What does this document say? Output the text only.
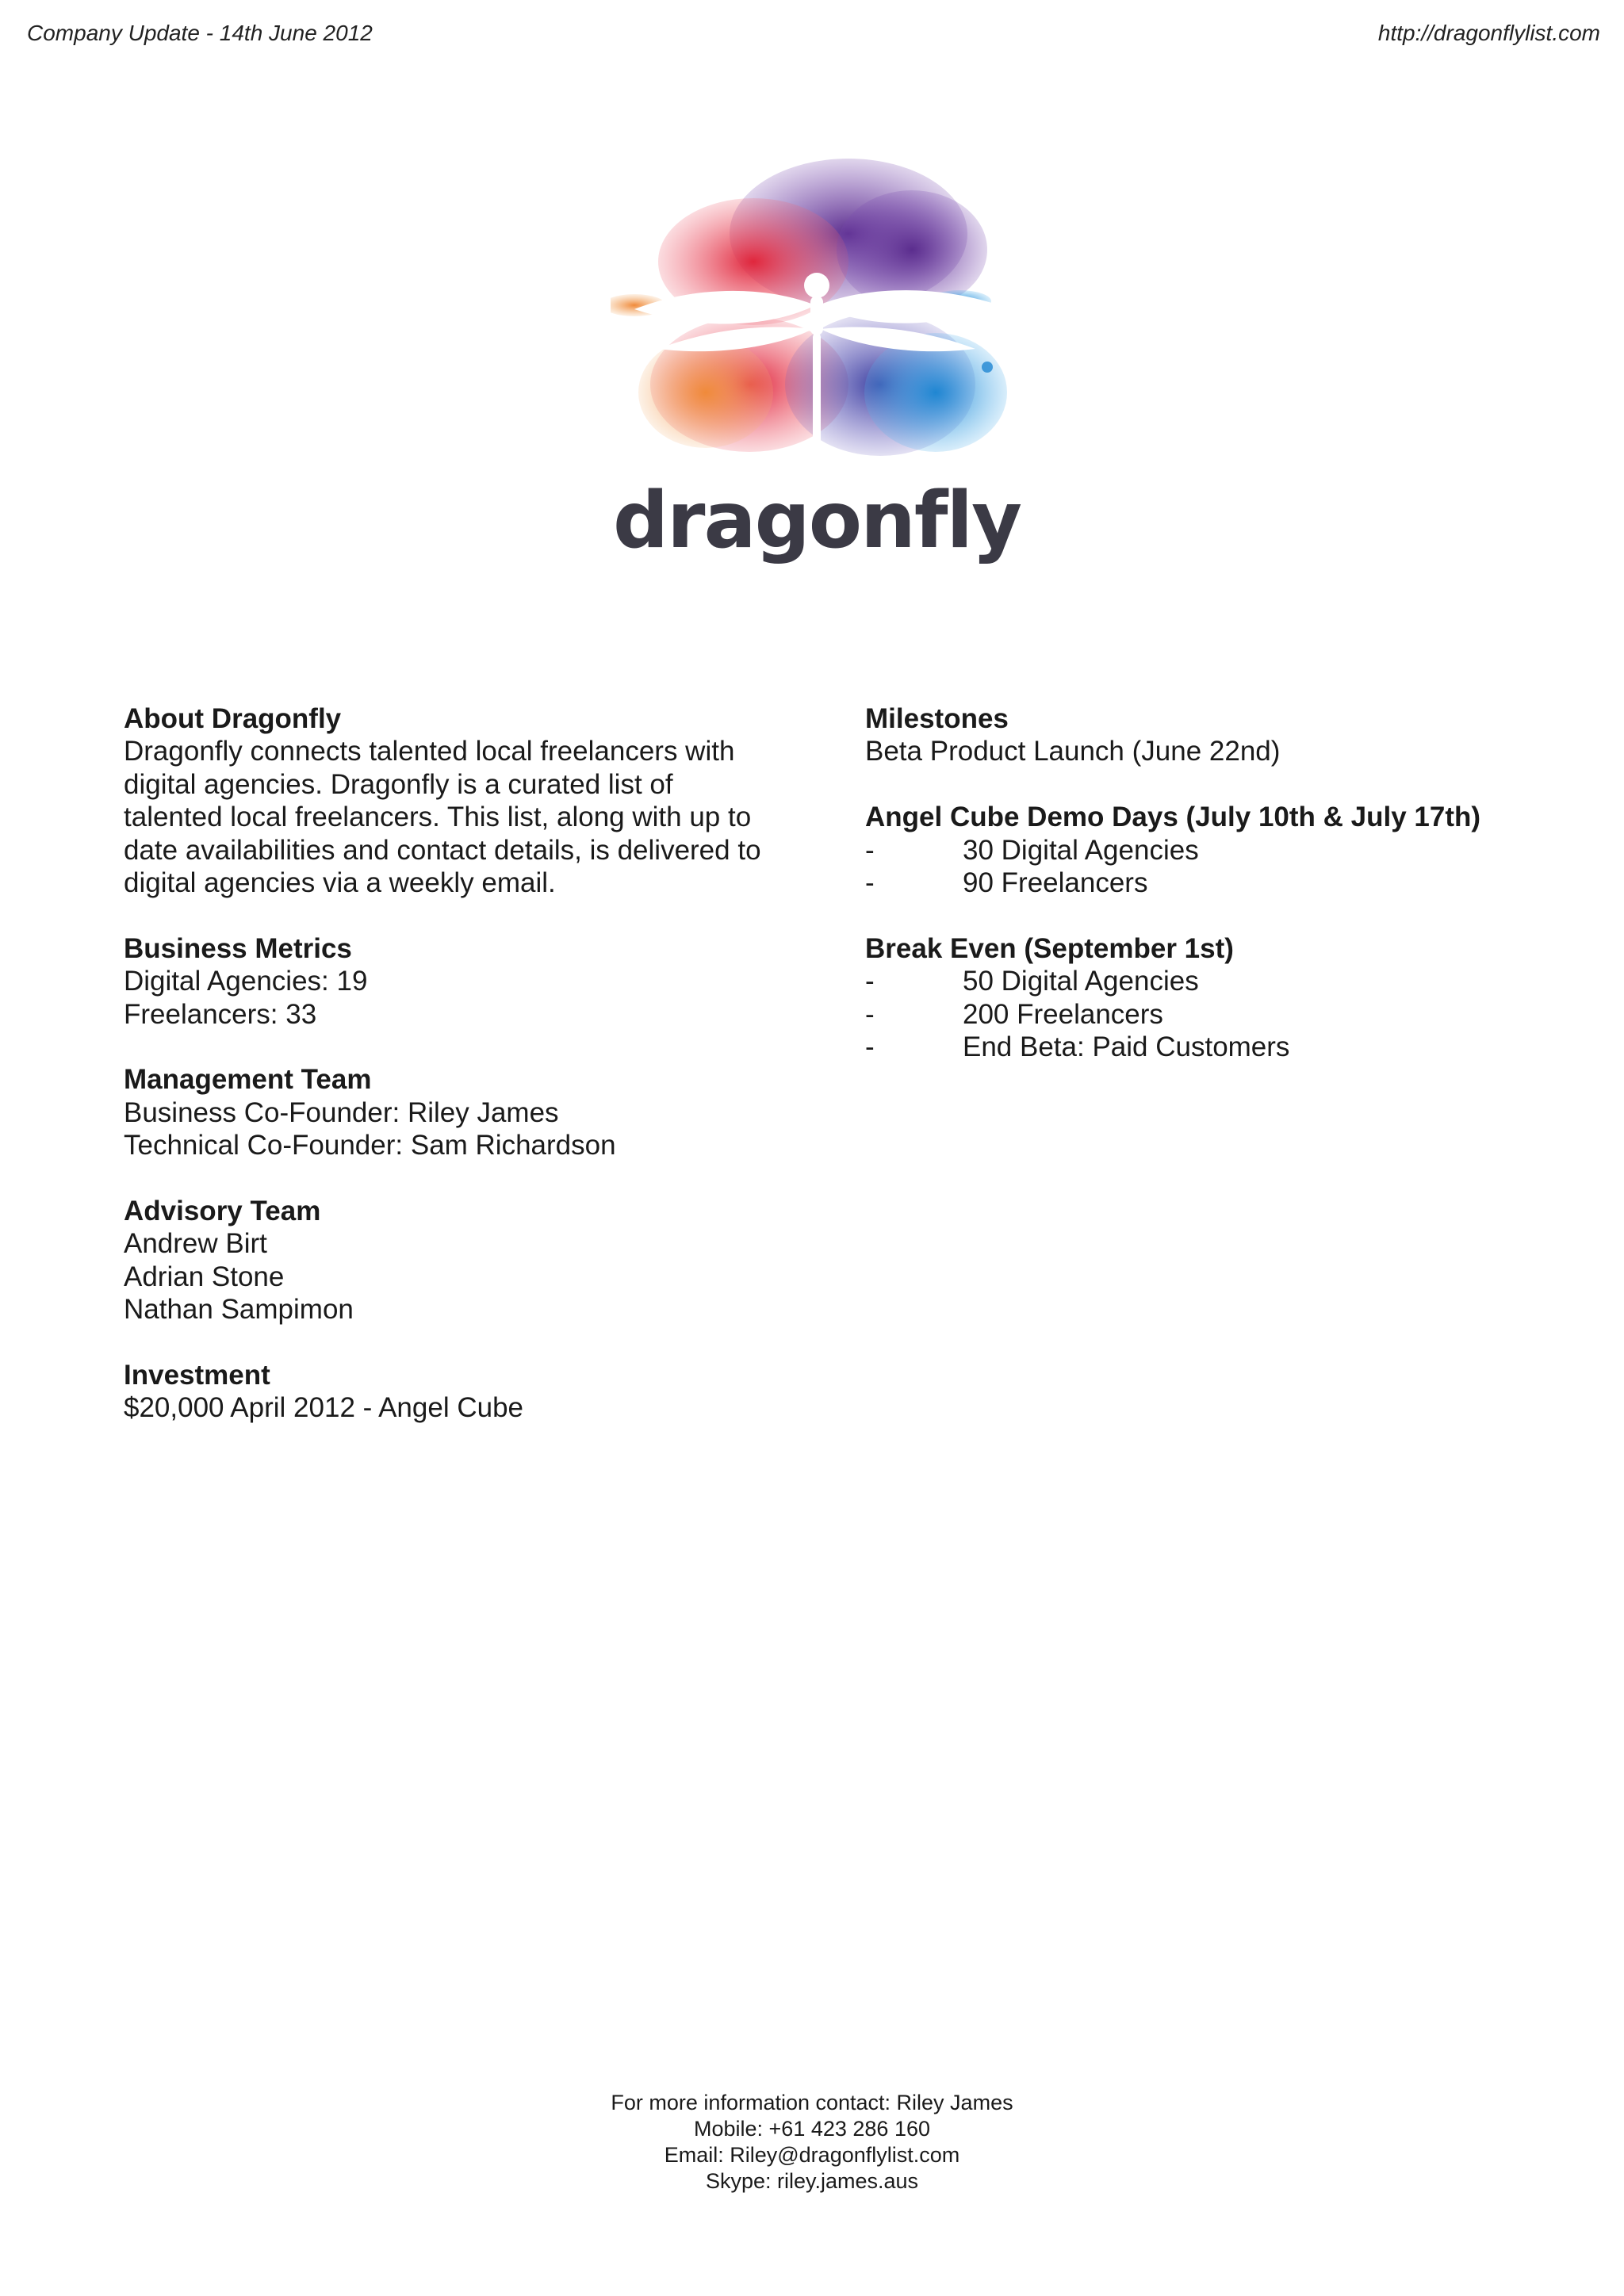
Company Update - 14th June 2012	http://dragonflylist.com
dragonfly
About Dragonfly
Dragonfly connects talented local freelancers with
digital agencies. Dragonfly is a curated list of
talented local freelancers. This list, along with up to
date availabilities and contact details, is delivered to
digital agencies via a weekly email.
Business Metrics
Digital Agencies: 19
Freelancers: 33
Management Team
Business Co-Founder: Riley James
Technical Co-Founder: Sam Richardson
Advisory Team
Andrew Birt
Adrian Stone
Nathan Sampimon
Investment
$20,000 April 2012 - Angel Cube
Milestones
Beta Product Launch (June 22nd)
Angel Cube Demo Days (July 10th & July 17th)
-	30 Digital Agencies
-	90 Freelancers
Break Even (September 1st)
-	50 Digital Agencies
-	200 Freelancers
-	End Beta: Paid Customers
For more information contact: Riley James
Mobile: +61 423 286 160
Email: Riley@dragonflylist.com
Skype: riley.james.aus
